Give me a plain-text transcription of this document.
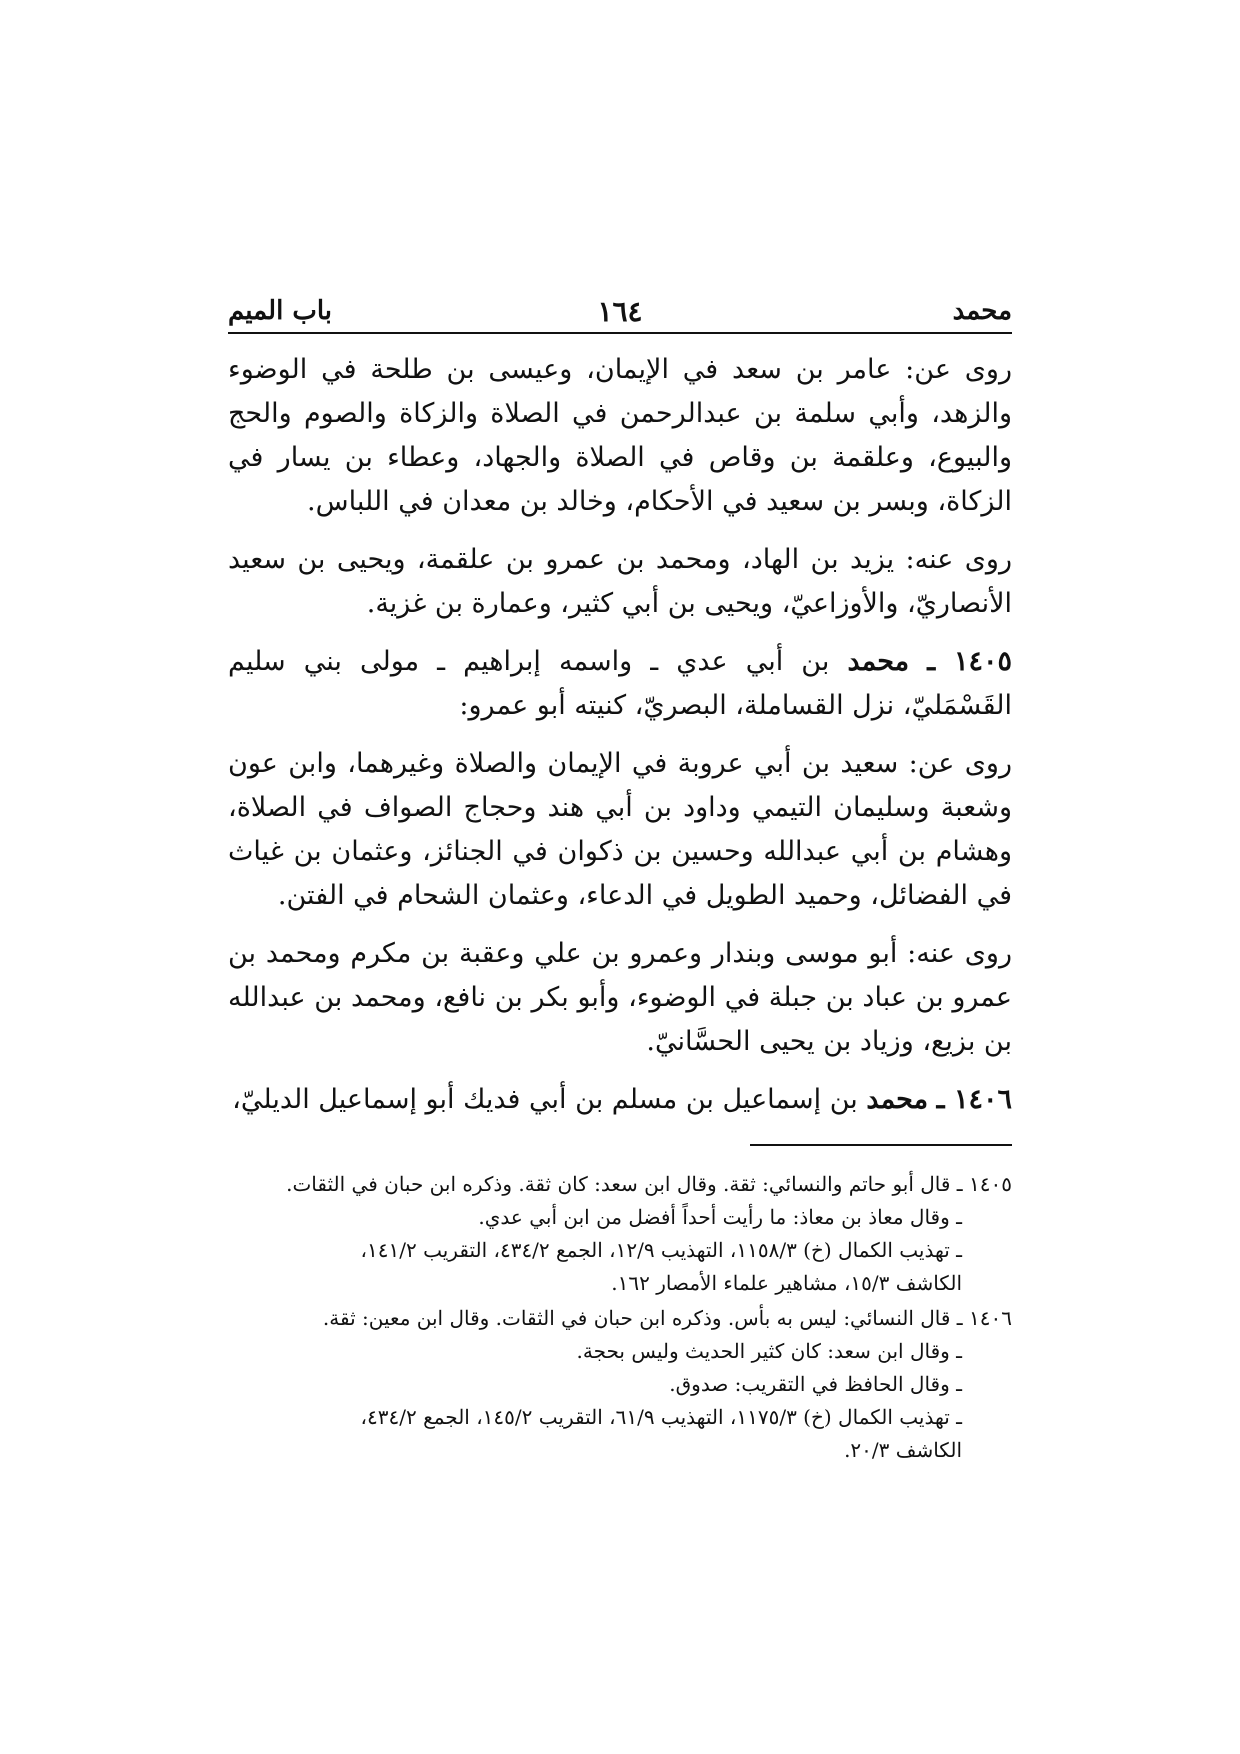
محمد
١٦٤
باب الميم

روى عن: عامر بن سعد في الإيمان، وعيسى بن طلحة في الوضوء والزهد، وأبي سلمة بن عبدالرحمن في الصلاة والزكاة والصوم والحج والبيوع، وعلقمة بن وقاص في الصلاة والجهاد، وعطاء بن يسار في الزكاة، وبسر بن سعيد في الأحكام، وخالد بن معدان في اللباس.

روى عنه: يزيد بن الهاد، ومحمد بن عمرو بن علقمة، ويحيى بن سعيد الأنصاريّ، والأوزاعيّ، ويحيى بن أبي كثير، وعمارة بن غزية.

١٤٠٥ ـ محمد بن أبي عدي ـ واسمه إبراهيم ـ مولى بني سليم القَسْمَليّ، نزل القساملة، البصريّ، كنيته أبو عمرو:

روى عن: سعيد بن أبي عروبة في الإيمان والصلاة وغيرهما، وابن عون وشعبة وسليمان التيمي وداود بن أبي هند وحجاج الصواف في الصلاة، وهشام بن أبي عبدالله وحسين بن ذكوان في الجنائز، وعثمان بن غياث في الفضائل، وحميد الطويل في الدعاء، وعثمان الشحام في الفتن.

روى عنه: أبو موسى وبندار وعمرو بن علي وعقبة بن مكرم ومحمد بن عمرو بن عباد بن جبلة في الوضوء، وأبو بكر بن نافع، ومحمد بن عبدالله بن بزيع، وزياد بن يحيى الحسَّانيّ.

١٤٠٦ ـ محمد بن إسماعيل بن مسلم بن أبي فديك أبو إسماعيل الديليّ،

١٤٠٥ ـ قال أبو حاتم والنسائي: ثقة. وقال ابن سعد: كان ثقة. وذكره ابن حبان في الثقات.
ـ وقال معاذ بن معاذ: ما رأيت أحداً أفضل من ابن أبي عدي.
ـ تهذيب الكمال (خ) ١١٥٨/٣، التهذيب ١٢/٩، الجمع ٤٣٤/٢، التقريب ١٤١/٢،
الكاشف ١٥/٣، مشاهير علماء الأمصار ١٦٢.
١٤٠٦ ـ قال النسائي: ليس به بأس. وذكره ابن حبان في الثقات. وقال ابن معين: ثقة.
ـ وقال ابن سعد: كان كثير الحديث وليس بحجة.
ـ وقال الحافظ في التقريب: صدوق.
ـ تهذيب الكمال (خ) ١١٧٥/٣، التهذيب ٦١/٩، التقريب ١٤٥/٢، الجمع ٤٣٤/٢،
الكاشف ٢٠/٣.
